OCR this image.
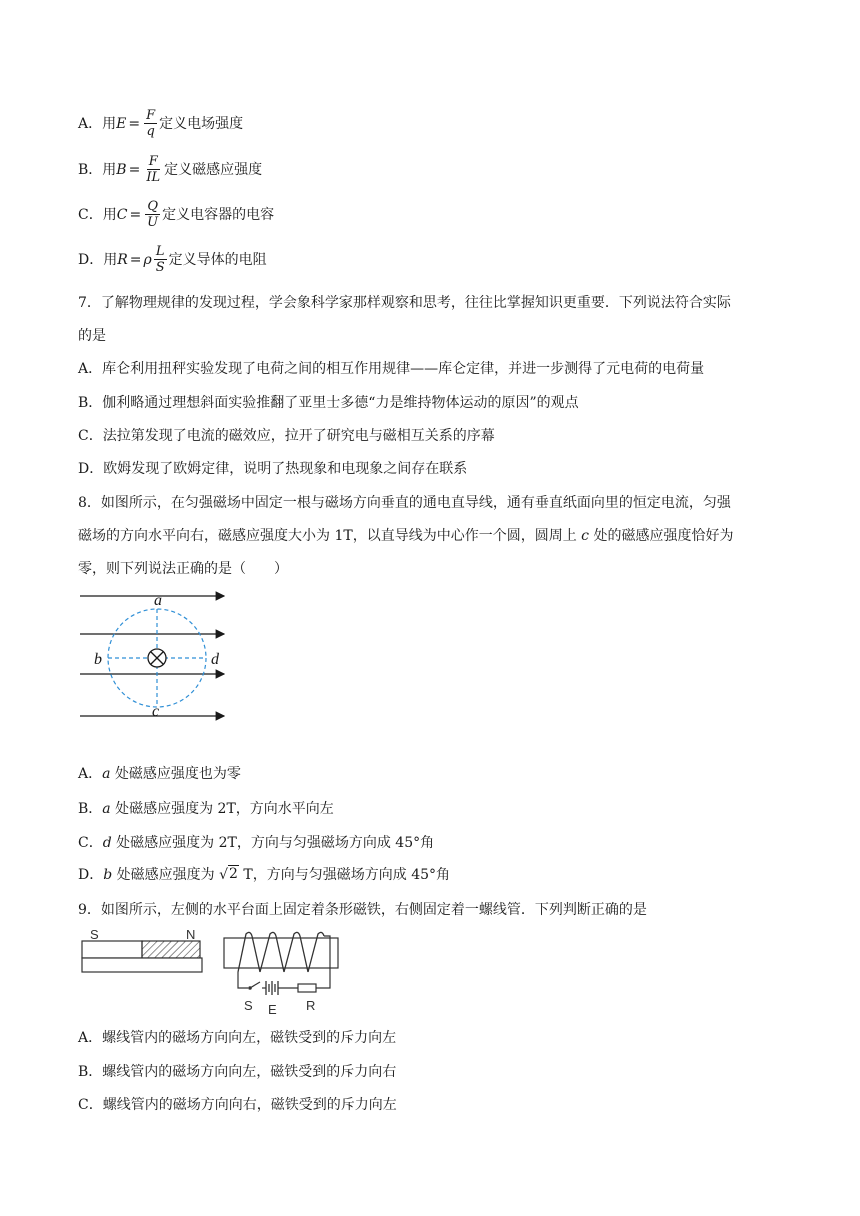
A．用 $E = \frac{F}{q}$ 定义电场强度
B．用 $B = \frac{F}{IL}$ 定义磁感应强度
C．用 $C = \frac{Q}{U}$ 定义电容器的电容
D．用 R = ρ $\frac{L}{S}$ 定义导体的电阻
7．了解物理规律的发现过程，学会象科学家那样观察和思考，往往比掌握知识更重要．下列说法符合实际
的是
A．库仑利用扭秤实验发现了电荷之间的相互作用规律——库仑定律，并进一步测得了元电荷的电荷量
B．伽利略通过理想斜面实验推翻了亚里士多德“力是维持物体运动的原因”的观点
C．法拉第发现了电流的磁效应，拉开了研究电与磁相互关系的序幕
D．欧姆发现了欧姆定律，说明了热现象和电现象之间存在联系
8．如图所示，在匀强磁场中固定一根与磁场方向垂直的通电直导线，通有垂直纸面向里的恒定电流，匀强
磁场的方向水平向右，磁感应强度大小为 1T，以直导线为中心作一个圆，圆周上 c 处的磁感应强度恰好为
零，则下列说法正确的是（　　）
a
b	d
c
A．a 处磁感应强度也为零
B．a 处磁感应强度为 2T，方向水平向左
C．d 处磁感应强度为 2T，方向与匀强磁场方向成 45°角
D．b 处磁感应强度为 √ 2 T，方向与匀强磁场方向成 45°角
9．如图所示，左侧的水平台面上固定着条形磁铁，右侧固定着一螺线管．下列判断正确的是
S	N
S E R
A．螺线管内的磁场方向向左，磁铁受到的斥力向左
B．螺线管内的磁场方向向左，磁铁受到的斥力向右
C．螺线管内的磁场方向向右，磁铁受到的斥力向左
